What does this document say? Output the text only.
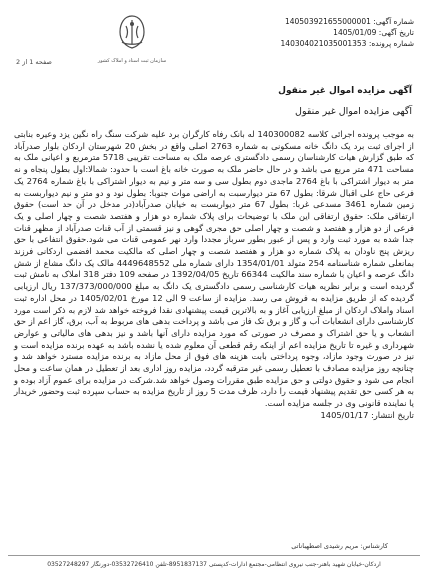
شماره آگهی: 140503921655000001
تاریخ آگهی: 1405/01/09
شماره پرونده: 140304021035001353
سازمان ثبت اسناد و املاک کشور
صفحه 1 از 2
آگهی مزایده اموال غیر منقول
آگهی مزایده اموال غیر منقول

به موجب پرونده اجرائی کلاسه 140300082 له بانک رفاه کارگران برد علیه شرکت سنگ راه نگین یزد وعیره بنابتی از اجرای ثبت برد یک دانگ خانه مسکونی به شماره 2763 اصلی واقع در بخش 20 شهرستان اردکان بلوار صدرآباد که طبق گزارش هیات کارشناسان رسمی دادگستری عرصه ملک به مساحت تقریبی 5718 مترمربع و اعیانی ملک به مساحت 471 متر مربع می باشد و در حال حاضر ملک به صورت خانه باغ است با حدود: شمالا:اول بطول پنجاه و نه متر به دیوار اشتراکی با باغ 2764 ماجدی دوم بطول سی و سه متر و نیم به دیوار اشتراکی با باغ شماره 2764 یک فرعی حاج علی اقبال شرقا: بطول 67 متر دیوارسبت به اراضی موات جنوبا: بطول نود و دو متر و نیم دیواربست به زمین شماره 3461 مسدعی غربا: بطول 67 متر دیواربست به خیابان صدرآباد(در مدخل در آن حد است) حقوق ارتفاقی ملک: حقوق ارتفاقی این ملک با توضیحات برای پلاک شماره دو هزار و هفتصد شصت و چهار اصلی و یک فرعی از دو هزار و هفتصد و شصت و چهار اصلی حق مجری گوهی و نیز قسمتی از آب قنات صدرآباد از مظهر قنات جدا شده به مورد ثبت وارد و پس از عبور بطور سرباز مجددا وارد نهر عمومی قنات می شود.حقوق انتفاعی با حق ریزش پنج ناودان به پلاک شماره دو هزار و هفتصد شصت و چهار اصلی که مالکیت محمد افضمی اردکانی فرزند بمانعلی شماره شناسنامه 254 متولد 1354/01/01 دارای شماره ملی 4449648552 مالک یک دانگ مشاع از شش دانگ عرصه و اعیان با شماره سند مالکیت 66344 تاریخ 1392/04/05 در صفحه 109 دفتر 318 املاک به نامش ثبت گردیده است و برابر نظریه هیات کارشناسی رسمی دادگستری یک دانگ به مبلغ 137/373/000/000 ریال ارزیابی گردیده که از طریق مزایده به فروش می رسد. مزایده از ساعت 9 الی 12 مورخ 1405/02/01 در محل اداره ثبت اسناد واملاک اردکان از مبلغ ارزیابی آغاز و به بالاترین قیمت پیشنهادی نقدا فروخته خواهد شد لازم به ذکر است مورد کارشناسی دارای انشعابات آب و گاز و برق تک فاز می باشد و پرداخت بدهی های مربوط به آب، برق، گاز اعم از حق انشعاب و یا حق اشتراک و مصرف در صورتی که مورد مزایده دارای آنها باشد و نیز بدهی های مالیاتی و عوارض شهرداری و غیره تا تاریخ مزایده اعم از اینکه رقم قطعی آن معلوم شده یا نشده باشد به عهده برنده مزایده است و نیز در صورت وجود مازاد، وجوه پرداختی بابت هزینه های فوق از محل مازاد به برنده مزایده مسترد خواهد شد و چنانچه روز مزایده مصادف با تعطیل رسمی غیر مترقبه گردد، مزایده روز اداری بعد از تعطیل در همان ساعت و محل انجام می شود و حقوق دولتی و حق مزایده طبق مقررات وصول خواهد شد.شرکت در مزایده برای عموم آزاد بوده و به هر کسی حق تقدیم پیشنهاد قیمت را دارد، ظرف مدت 5 روز از تاریخ مزایده به حساب سپرده ثبت وحضور خریدار یا نماینده قانونی وی در جلسه مزایده است.

تاریخ انتشار: 1405/01/17

کارشناس: مریم رشیدی اصطهباناتی
اردکان-خیابان شهید باهنر-جنب نیروی انتظامی-مجتمع ادارات-کدپستی 8951837137-تلفن 03532726410-دورنگار 03527248297
